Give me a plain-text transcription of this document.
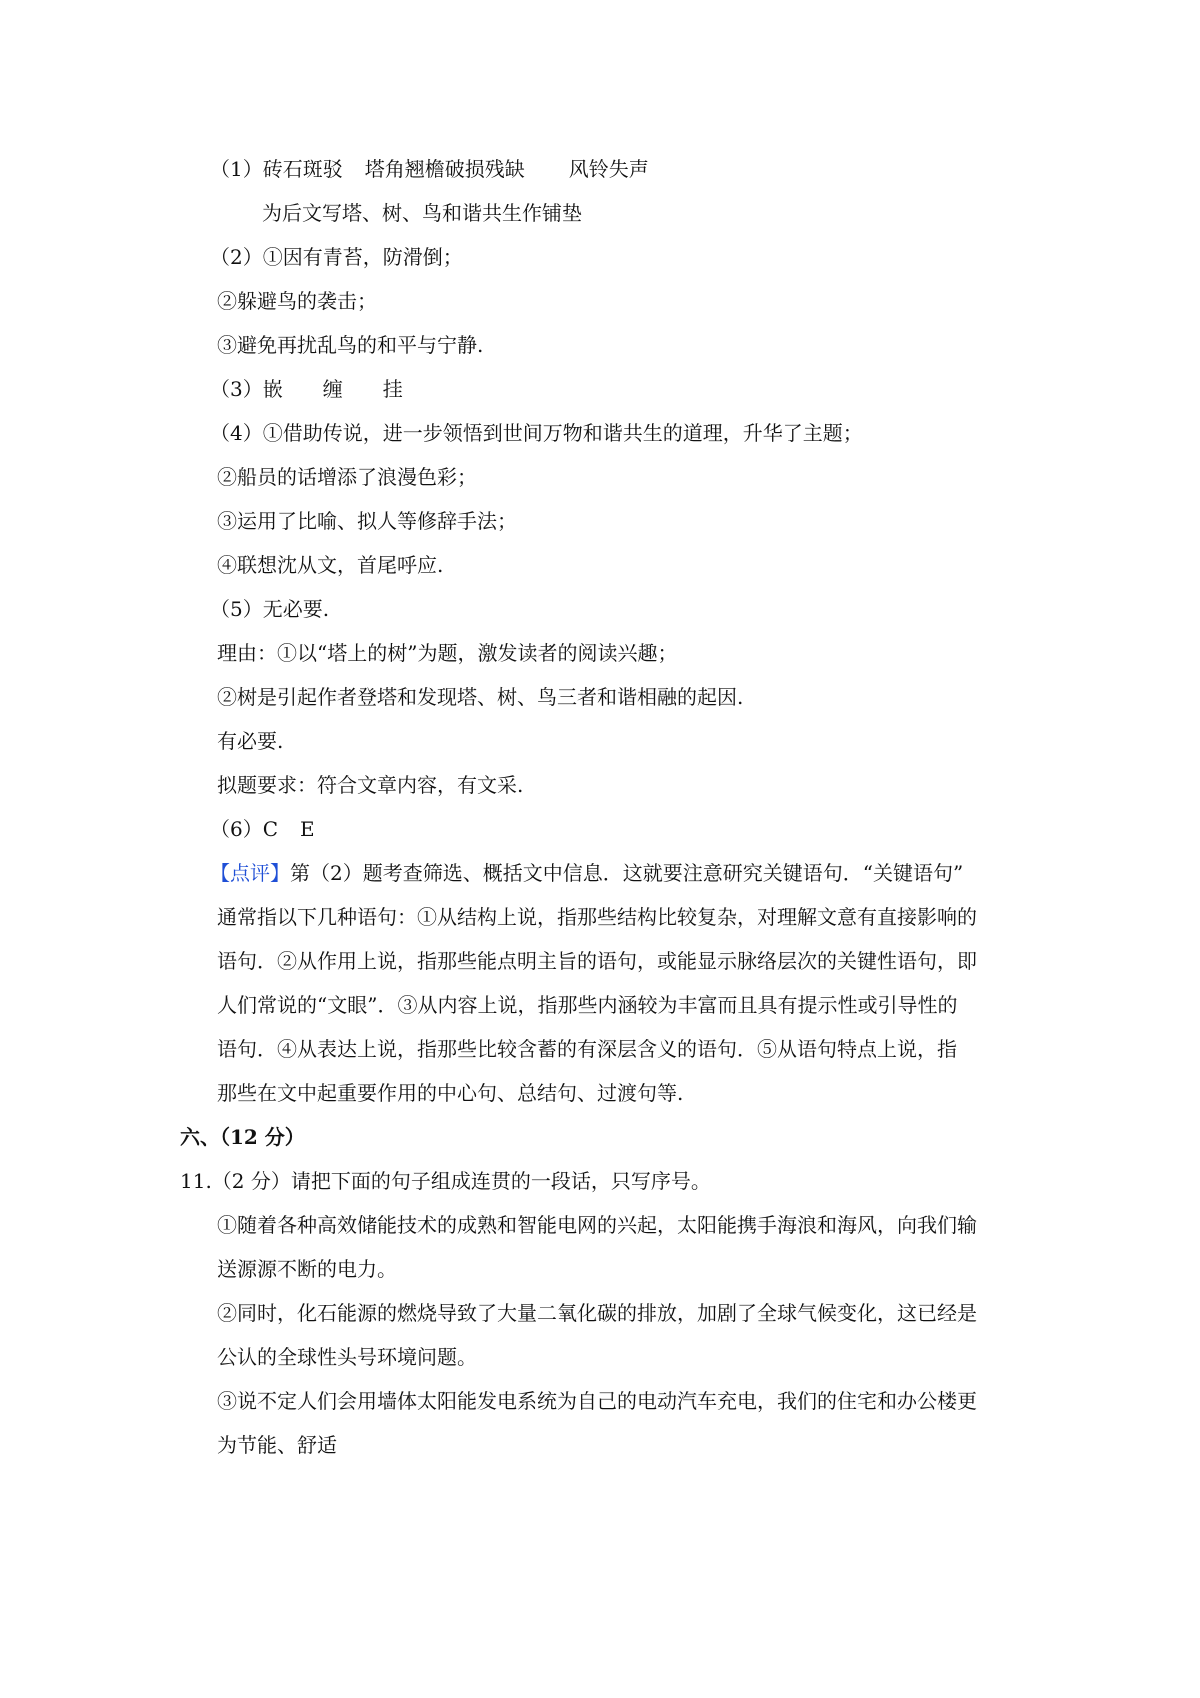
（1）砖石斑驳 塔角翘檐破损残缺 风铃失声
为后文写塔、树、鸟和谐共生作铺垫
（2）①因有青苔，防滑倒；
②躲避鸟的袭击；
③避免再扰乱鸟的和平与宁静.
（3）嵌 缠 挂
（4）①借助传说，进一步领悟到世间万物和谐共生的道理，升华了主题；
②船员的话增添了浪漫色彩；
③运用了比喻、拟人等修辞手法；
④联想沈从文，首尾呼应.
（5）无必要.
理由：①以“塔上的树”为题，激发读者的阅读兴趣；
②树是引起作者登塔和发现塔、树、鸟三者和谐相融的起因.
有必要.
拟题要求：符合文章内容，有文采.
（6）C E
【点评】第（2）题考查筛选、概括文中信息．这就要注意研究关键语句．“关键语句”
通常指以下几种语句：①从结构上说，指那些结构比较复杂，对理解文意有直接影响的
语句．②从作用上说，指那些能点明主旨的语句，或能显示脉络层次的关键性语句，即
人们常说的“文眼”．③从内容上说，指那些内涵较为丰富而且具有提示性或引导性的
语句．④从表达上说，指那些比较含蓄的有深层含义的语句．⑤从语句特点上说，指
那些在文中起重要作用的中心句、总结句、过渡句等.
六、（12 分）
11.（2 分）请把下面的句子组成连贯的一段话，只写序号。
①随着各种高效储能技术的成熟和智能电网的兴起，太阳能携手海浪和海风，向我们输
送源源不断的电力。
②同时，化石能源的燃烧导致了大量二氧化碳的排放，加剧了全球气候变化，这已经是
公认的全球性头号环境问题。
③说不定人们会用墙体太阳能发电系统为自己的电动汽车充电，我们的住宅和办公楼更
为节能、舒适
